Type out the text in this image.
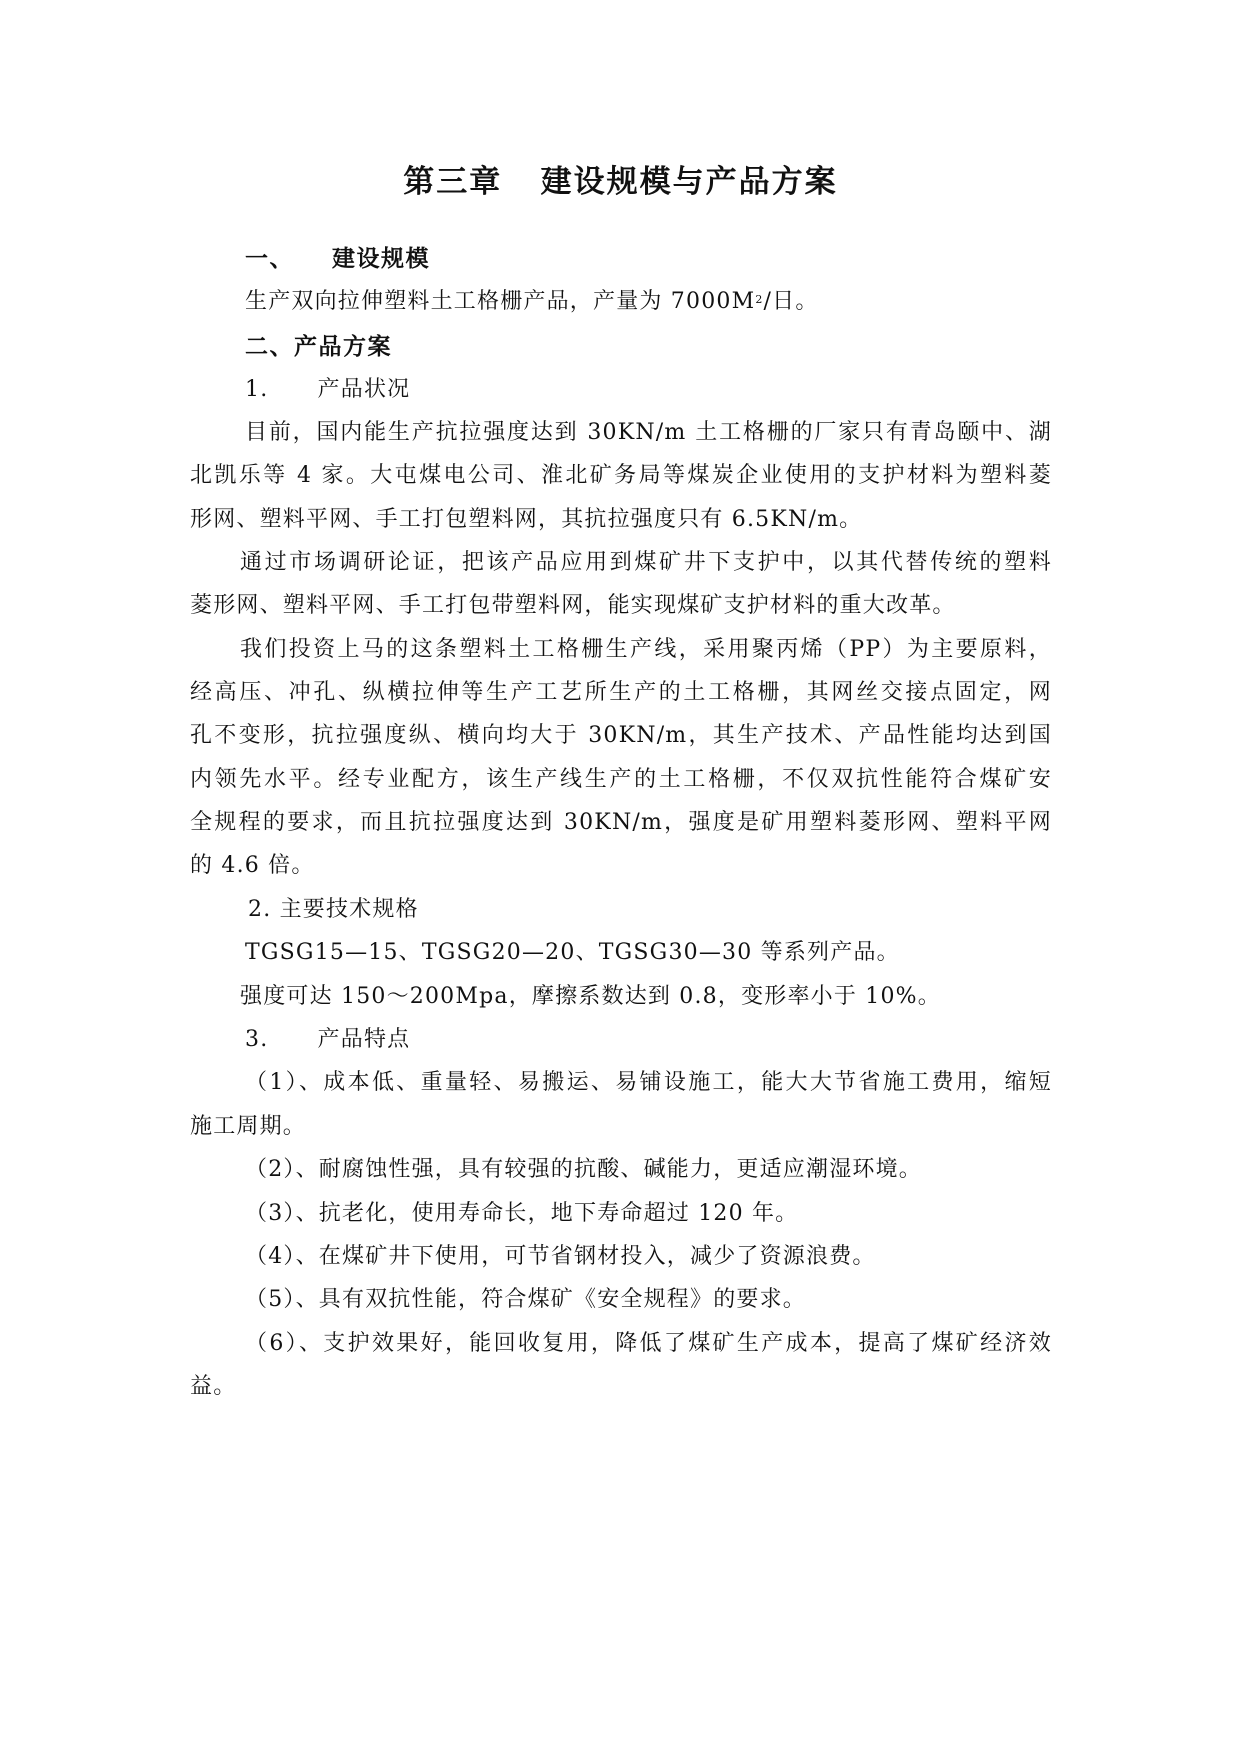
第三章   建设规模与产品方案
一、    建设规模
生产双向拉伸塑料土工格栅产品，产量为 $7000M^2/$日。
二、产品方案
1.      产品状况
目前，国内能生产抗拉强度达到 30KN/m 土工格栅的厂家只有青岛颐中、湖
北凯乐等 4 家。大屯煤电公司、淮北矿务局等煤炭企业使用的支护材料为塑料菱
形网、塑料平网、手工打包塑料网，其抗拉强度只有 6.5KN/m。
通过市场调研论证，把该产品应用到煤矿井下支护中，以其代替传统的塑料
菱形网、塑料平网、手工打包带塑料网，能实现煤矿支护材料的重大改革。
我们投资上马的这条塑料土工格栅生产线，采用聚丙烯（PP）为主要原料，
经高压、冲孔、纵横拉伸等生产工艺所生产的土工格栅，其网丝交接点固定，网
孔不变形，抗拉强度纵、横向均大于 30KN/m，其生产技术、产品性能均达到国
内领先水平。经专业配方，该生产线生产的土工格栅，不仅双抗性能符合煤矿安
全规程的要求，而且抗拉强度达到 30KN/m，强度是矿用塑料菱形网、塑料平网
的 4.6 倍。
2. 主要技术规格
TGSG15—15、TGSG20—20、TGSG30—30 等系列产品。
强度可达 150～200Mpa，摩擦系数达到 0.8，变形率小于 10%。
3.      产品特点
（1）、成本低、重量轻、易搬运、易铺设施工，能大大节省施工费用，缩短
施工周期。
（2）、耐腐蚀性强，具有较强的抗酸、碱能力，更适应潮湿环境。
（3）、抗老化，使用寿命长，地下寿命超过 120 年。
（4）、在煤矿井下使用，可节省钢材投入，减少了资源浪费。
（5）、具有双抗性能，符合煤矿《安全规程》的要求。
（6）、支护效果好，能回收复用，降低了煤矿生产成本，提高了煤矿经济效
益。
